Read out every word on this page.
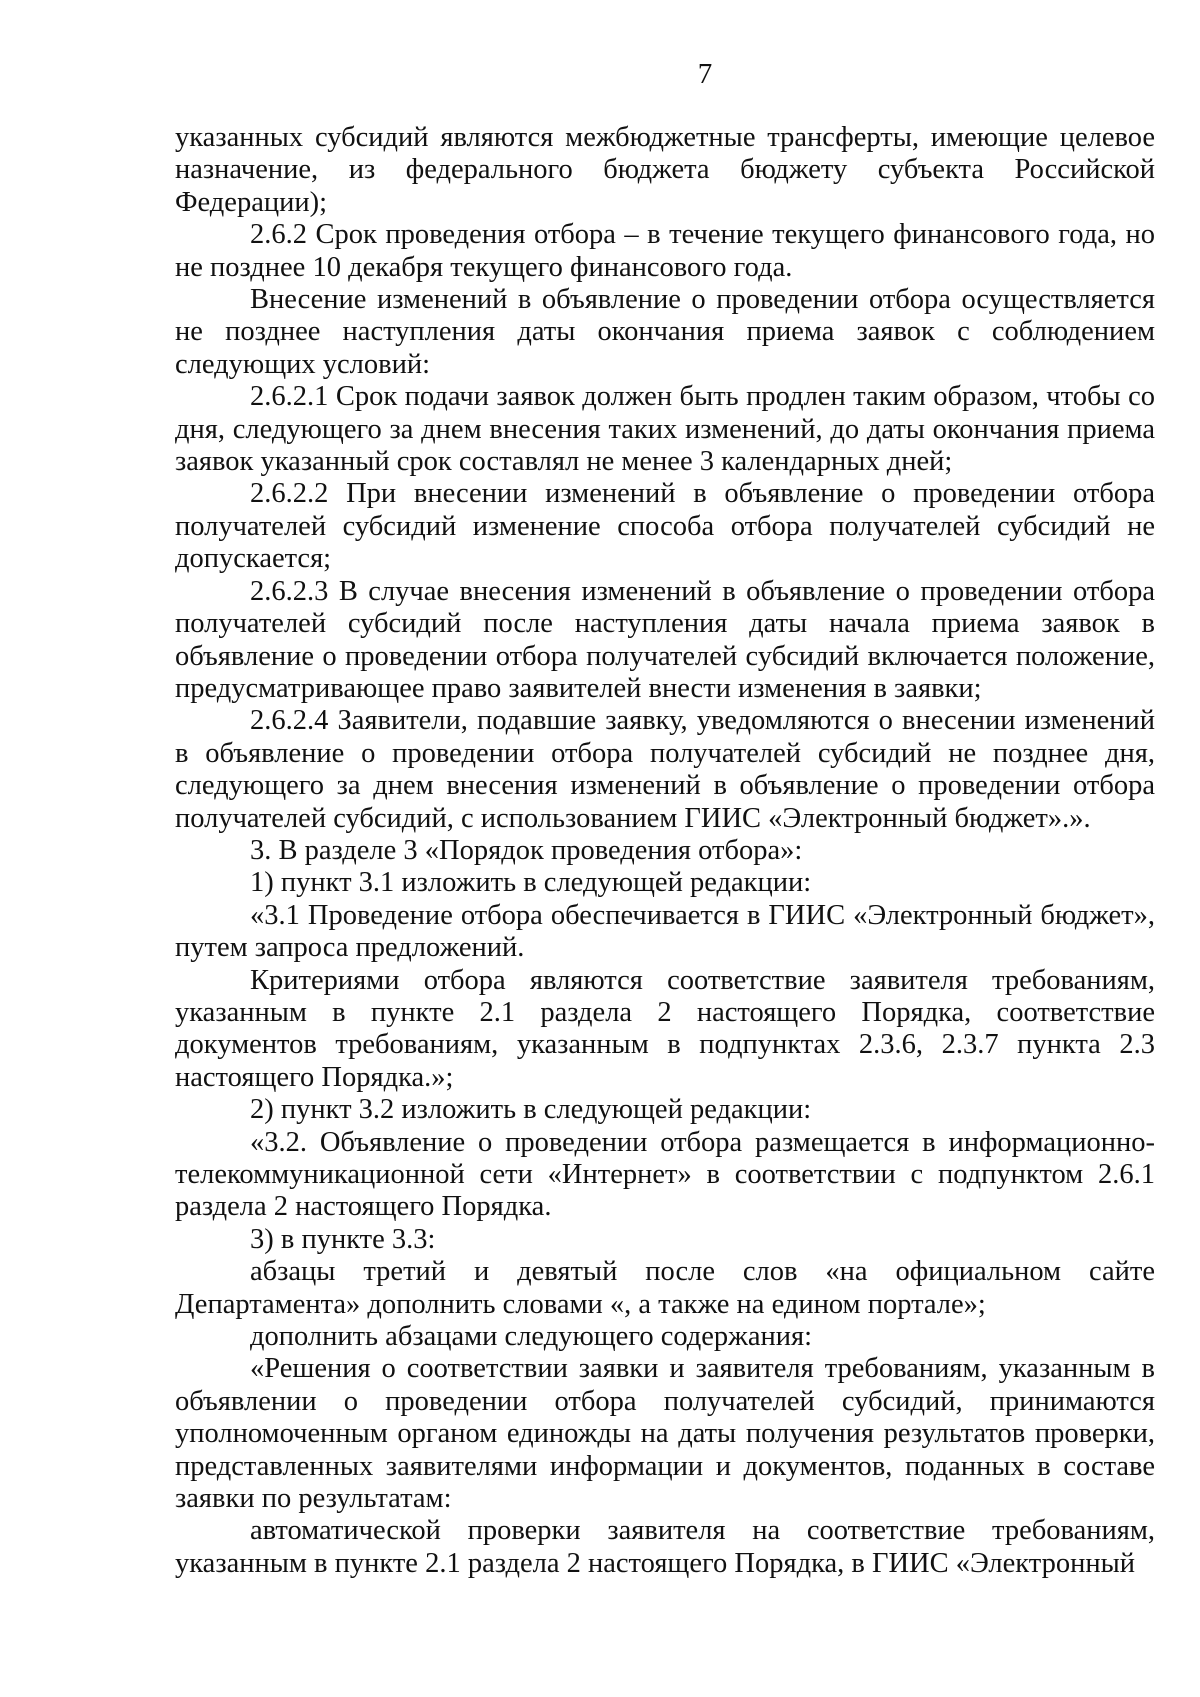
7

указанных субсидий являются межбюджетные трансферты, имеющие целевое назначение, из федерального бюджета бюджету субъекта Российской Федерации);

2.6.2 Срок проведения отбора – в течение текущего финансового года, но не позднее 10 декабря текущего финансового года.

Внесение изменений в объявление о проведении отбора осуществляется не позднее наступления даты окончания приема заявок с соблюдением следующих условий:

2.6.2.1 Срок подачи заявок должен быть продлен таким образом, чтобы со дня, следующего за днем внесения таких изменений, до даты окончания приема заявок указанный срок составлял не менее 3 календарных дней;

2.6.2.2 При внесении изменений в объявление о проведении отбора получателей субсидий изменение способа отбора получателей субсидий не допускается;

2.6.2.3 В случае внесения изменений в объявление о проведении отбора получателей субсидий после наступления даты начала приема заявок в объявление о проведении отбора получателей субсидий включается положение, предусматривающее право заявителей внести изменения в заявки;

2.6.2.4 Заявители, подавшие заявку, уведомляются о внесении изменений в объявление о проведении отбора получателей субсидий не позднее дня, следующего за днем внесения изменений в объявление о проведении отбора получателей субсидий, с использованием ГИИС «Электронный бюджет».».

3. В разделе 3 «Порядок проведения отбора»:

1) пункт 3.1 изложить в следующей редакции:

«3.1 Проведение отбора обеспечивается в ГИИС «Электронный бюджет», путем запроса предложений.

Критериями отбора являются соответствие заявителя требованиям, указанным в пункте 2.1 раздела 2 настоящего Порядка, соответствие документов требованиям, указанным в подпунктах 2.3.6, 2.3.7 пункта 2.3 настоящего Порядка.»;

2) пункт 3.2 изложить в следующей редакции:

«3.2. Объявление о проведении отбора размещается в информационно-телекоммуникационной сети «Интернет» в соответствии с подпунктом 2.6.1 раздела 2 настоящего Порядка.

3) в пункте 3.3:

абзацы третий и девятый после слов «на официальном сайте Департамента» дополнить словами «, а также на едином портале»;

дополнить абзацами следующего содержания:

«Решения о соответствии заявки и заявителя требованиям, указанным в объявлении о проведении отбора получателей субсидий, принимаются уполномоченным органом единожды на даты получения результатов проверки, представленных заявителями информации и документов, поданных в составе заявки по результатам:

автоматической проверки заявителя на соответствие требованиям, указанным в пункте 2.1 раздела 2 настоящего Порядка, в ГИИС «Электронный
